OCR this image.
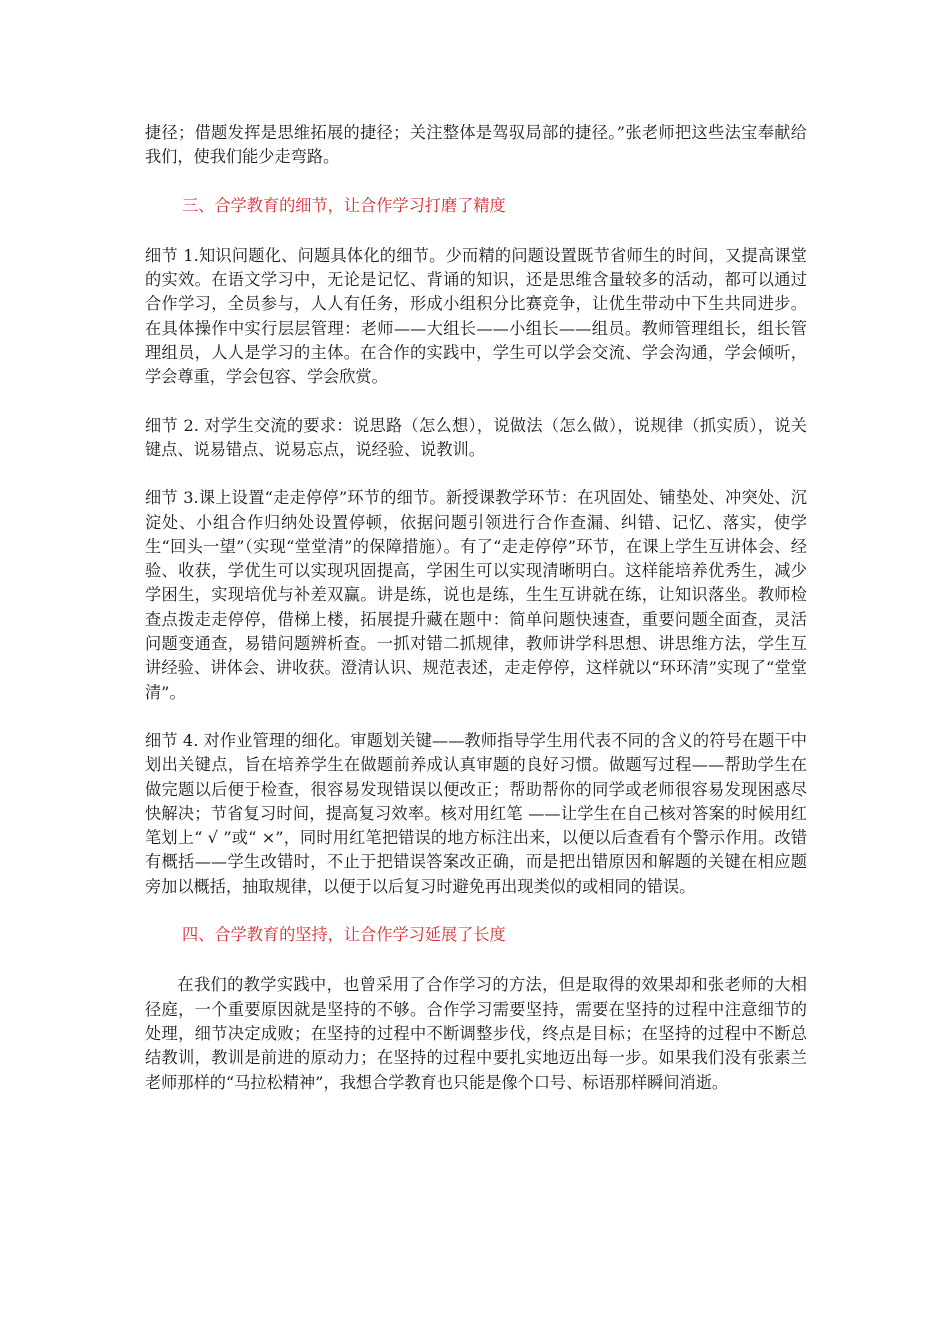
捷径；借题发挥是思维拓展的捷径；关注整体是驾驭局部的捷径。”张老师把这些法宝奉献给我们，使我们能少走弯路。

三、合学教育的细节，让合作学习打磨了精度

细节 1.知识问题化、问题具体化的细节。少而精的问题设置既节省师生的时间，又提高课堂的实效。在语文学习中，无论是记忆、背诵的知识，还是思维含量较多的活动，都可以通过合作学习，全员参与，人人有任务，形成小组积分比赛竞争，让优生带动中下生共同进步。在具体操作中实行层层管理：老师——大组长——小组长——组员。教师管理组长，组长管理组员，人人是学习的主体。在合作的实践中，学生可以学会交流、学会沟通，学会倾听，学会尊重，学会包容、学会欣赏。

细节 2. 对学生交流的要求：说思路（怎么想），说做法（怎么做），说规律（抓实质），说关键点、说易错点、说易忘点，说经验、说教训。

细节 3.课上设置“走走停停”环节的细节。新授课教学环节：在巩固处、铺垫处、冲突处、沉淀处、小组合作归纳处设置停顿，依据问题引领进行合作查漏、纠错、记忆、落实，使学生“回头一望”（实现“堂堂清”的保障措施）。有了“走走停停”环节，在课上学生互讲体会、经验、收获，学优生可以实现巩固提高，学困生可以实现清晰明白。这样能培养优秀生，减少学困生，实现培优与补差双赢。讲是练，说也是练，生生互讲就在练，让知识落坐。教师检查点拨走走停停，借梯上楼，拓展提升藏在题中：简单问题快速查，重要问题全面查，灵活问题变通查，易错问题辨析查。一抓对错二抓规律，教师讲学科思想、讲思维方法，学生互讲经验、讲体会、讲收获。澄清认识、规范表述，走走停停，这样就以“环环清”实现了“堂堂清”。

细节 4. 对作业管理的细化。审题划关键——教师指导学生用代表不同的含义的符号在题干中划出关键点，旨在培养学生在做题前养成认真审题的良好习惯。做题写过程——帮助学生在做完题以后便于检查，很容易发现错误以便改正；帮助帮你的同学或老师很容易发现困惑尽快解决；节省复习时间，提高复习效率。核对用红笔 ——让学生在自己核对答案的时候用红笔划上“ √ ”或“ ×”，同时用红笔把错误的地方标注出来，以便以后查看有个警示作用。改错有概括——学生改错时，不止于把错误答案改正确，而是把出错原因和解题的关键在相应题旁加以概括，抽取规律，以便于以后复习时避免再出现类似的或相同的错误。

四、合学教育的坚持，让合作学习延展了长度

在我们的教学实践中，也曾采用了合作学习的方法，但是取得的效果却和张老师的大相径庭，一个重要原因就是坚持的不够。合作学习需要坚持，需要在坚持的过程中注意细节的处理，细节决定成败；在坚持的过程中不断调整步伐，终点是目标；在坚持的过程中不断总结教训，教训是前进的原动力；在坚持的过程中要扎实地迈出每一步。如果我们没有张素兰老师那样的“马拉松精神”，我想合学教育也只能是像个口号、标语那样瞬间消逝。
